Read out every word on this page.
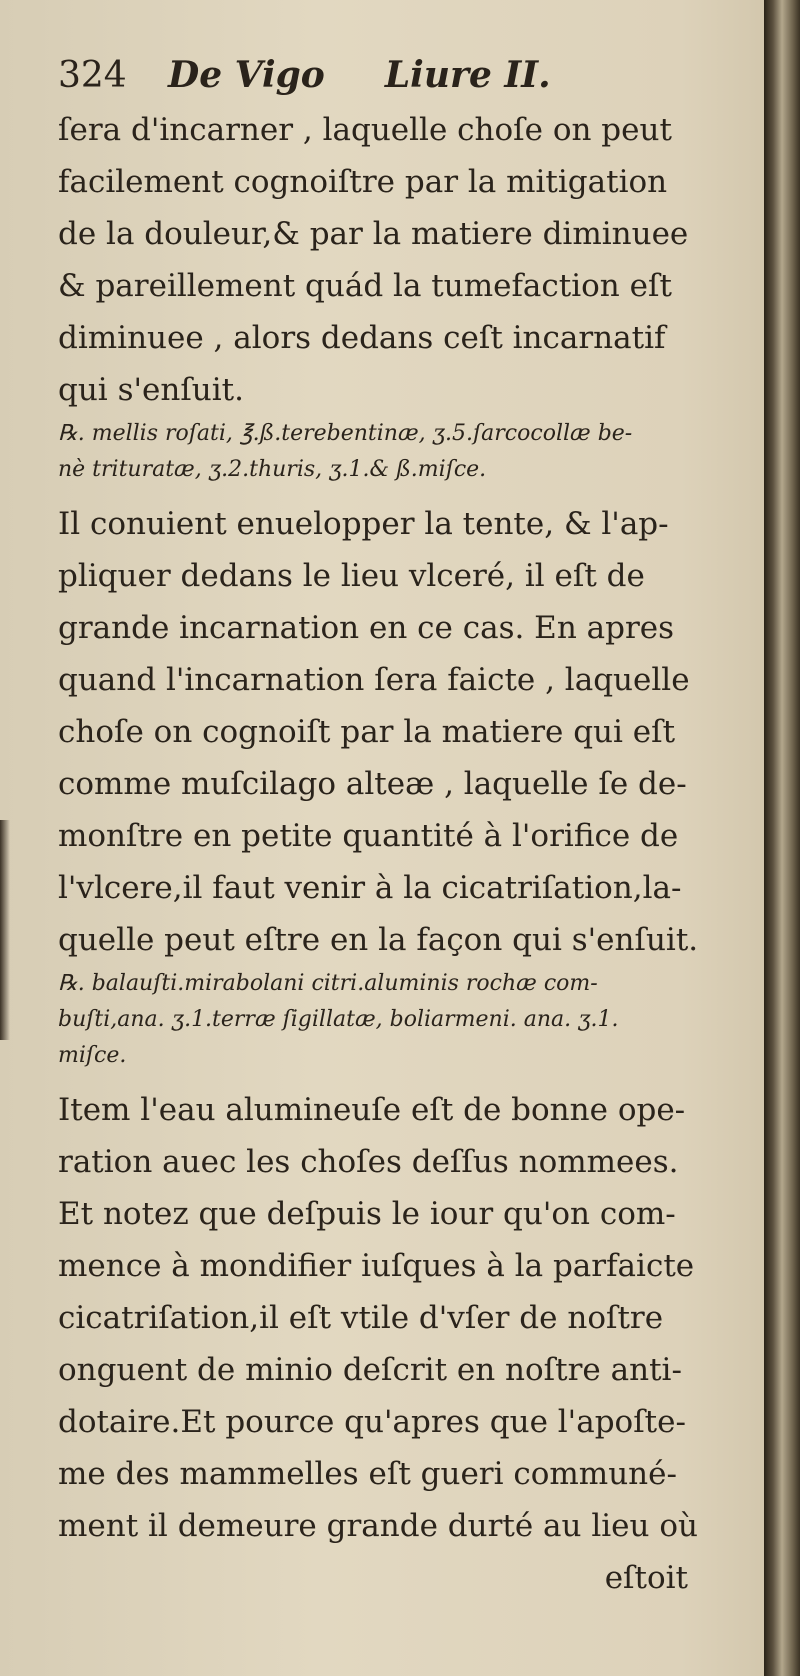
324	De Vigo Liure II.
ſera d'incarner , laquelle choſe on peut
facilement cognoiſtre par la mitigation
de la douleur,& par la matiere diminuee
& pareillement quád la tumefaction eſt
diminuee , alors dedans ceſt incarnatif
qui s'enſuit.
℞. mellis roſati, ℥.ß.terebentinæ, ʒ.5.ſarcocollæ be-
nè trituratæ, ʒ.2.thuris, ʒ.1.& ß.miſce.
Il conuient enuelopper la tente, & l'ap-
pliquer dedans le lieu vlceré, il eſt de
grande incarnation en ce cas. En apres
quand l'incarnation ſera faicte , laquelle
choſe on cognoiſt par la matiere qui eſt
comme muſcilago alteæ , laquelle ſe de-
monſtre en petite quantité à l'orifice de
l'vlcere,il faut venir à la cicatriſation,la-
quelle peut eſtre en la façon qui s'enſuit.
℞. balauſti.mirabolani citri.aluminis rochæ com-
buſti,ana. ʒ.1.terræ ſigillatæ, boliarmeni. ana. ʒ.1.
miſce.
Item l'eau alumineuſe eſt de bonne ope-
ration auec les choſes deſſus nommees.
Et notez que deſpuis le iour qu'on com-
mence à mondifier iuſques à la parfaicte
cicatriſation,il eſt vtile d'vſer de noſtre
onguent de minio deſcrit en noſtre anti-
dotaire.Et pource qu'apres que l'apoſte-
me des mammelles eſt gueri communé-
ment il demeure grande durté au lieu où
eſtoit
